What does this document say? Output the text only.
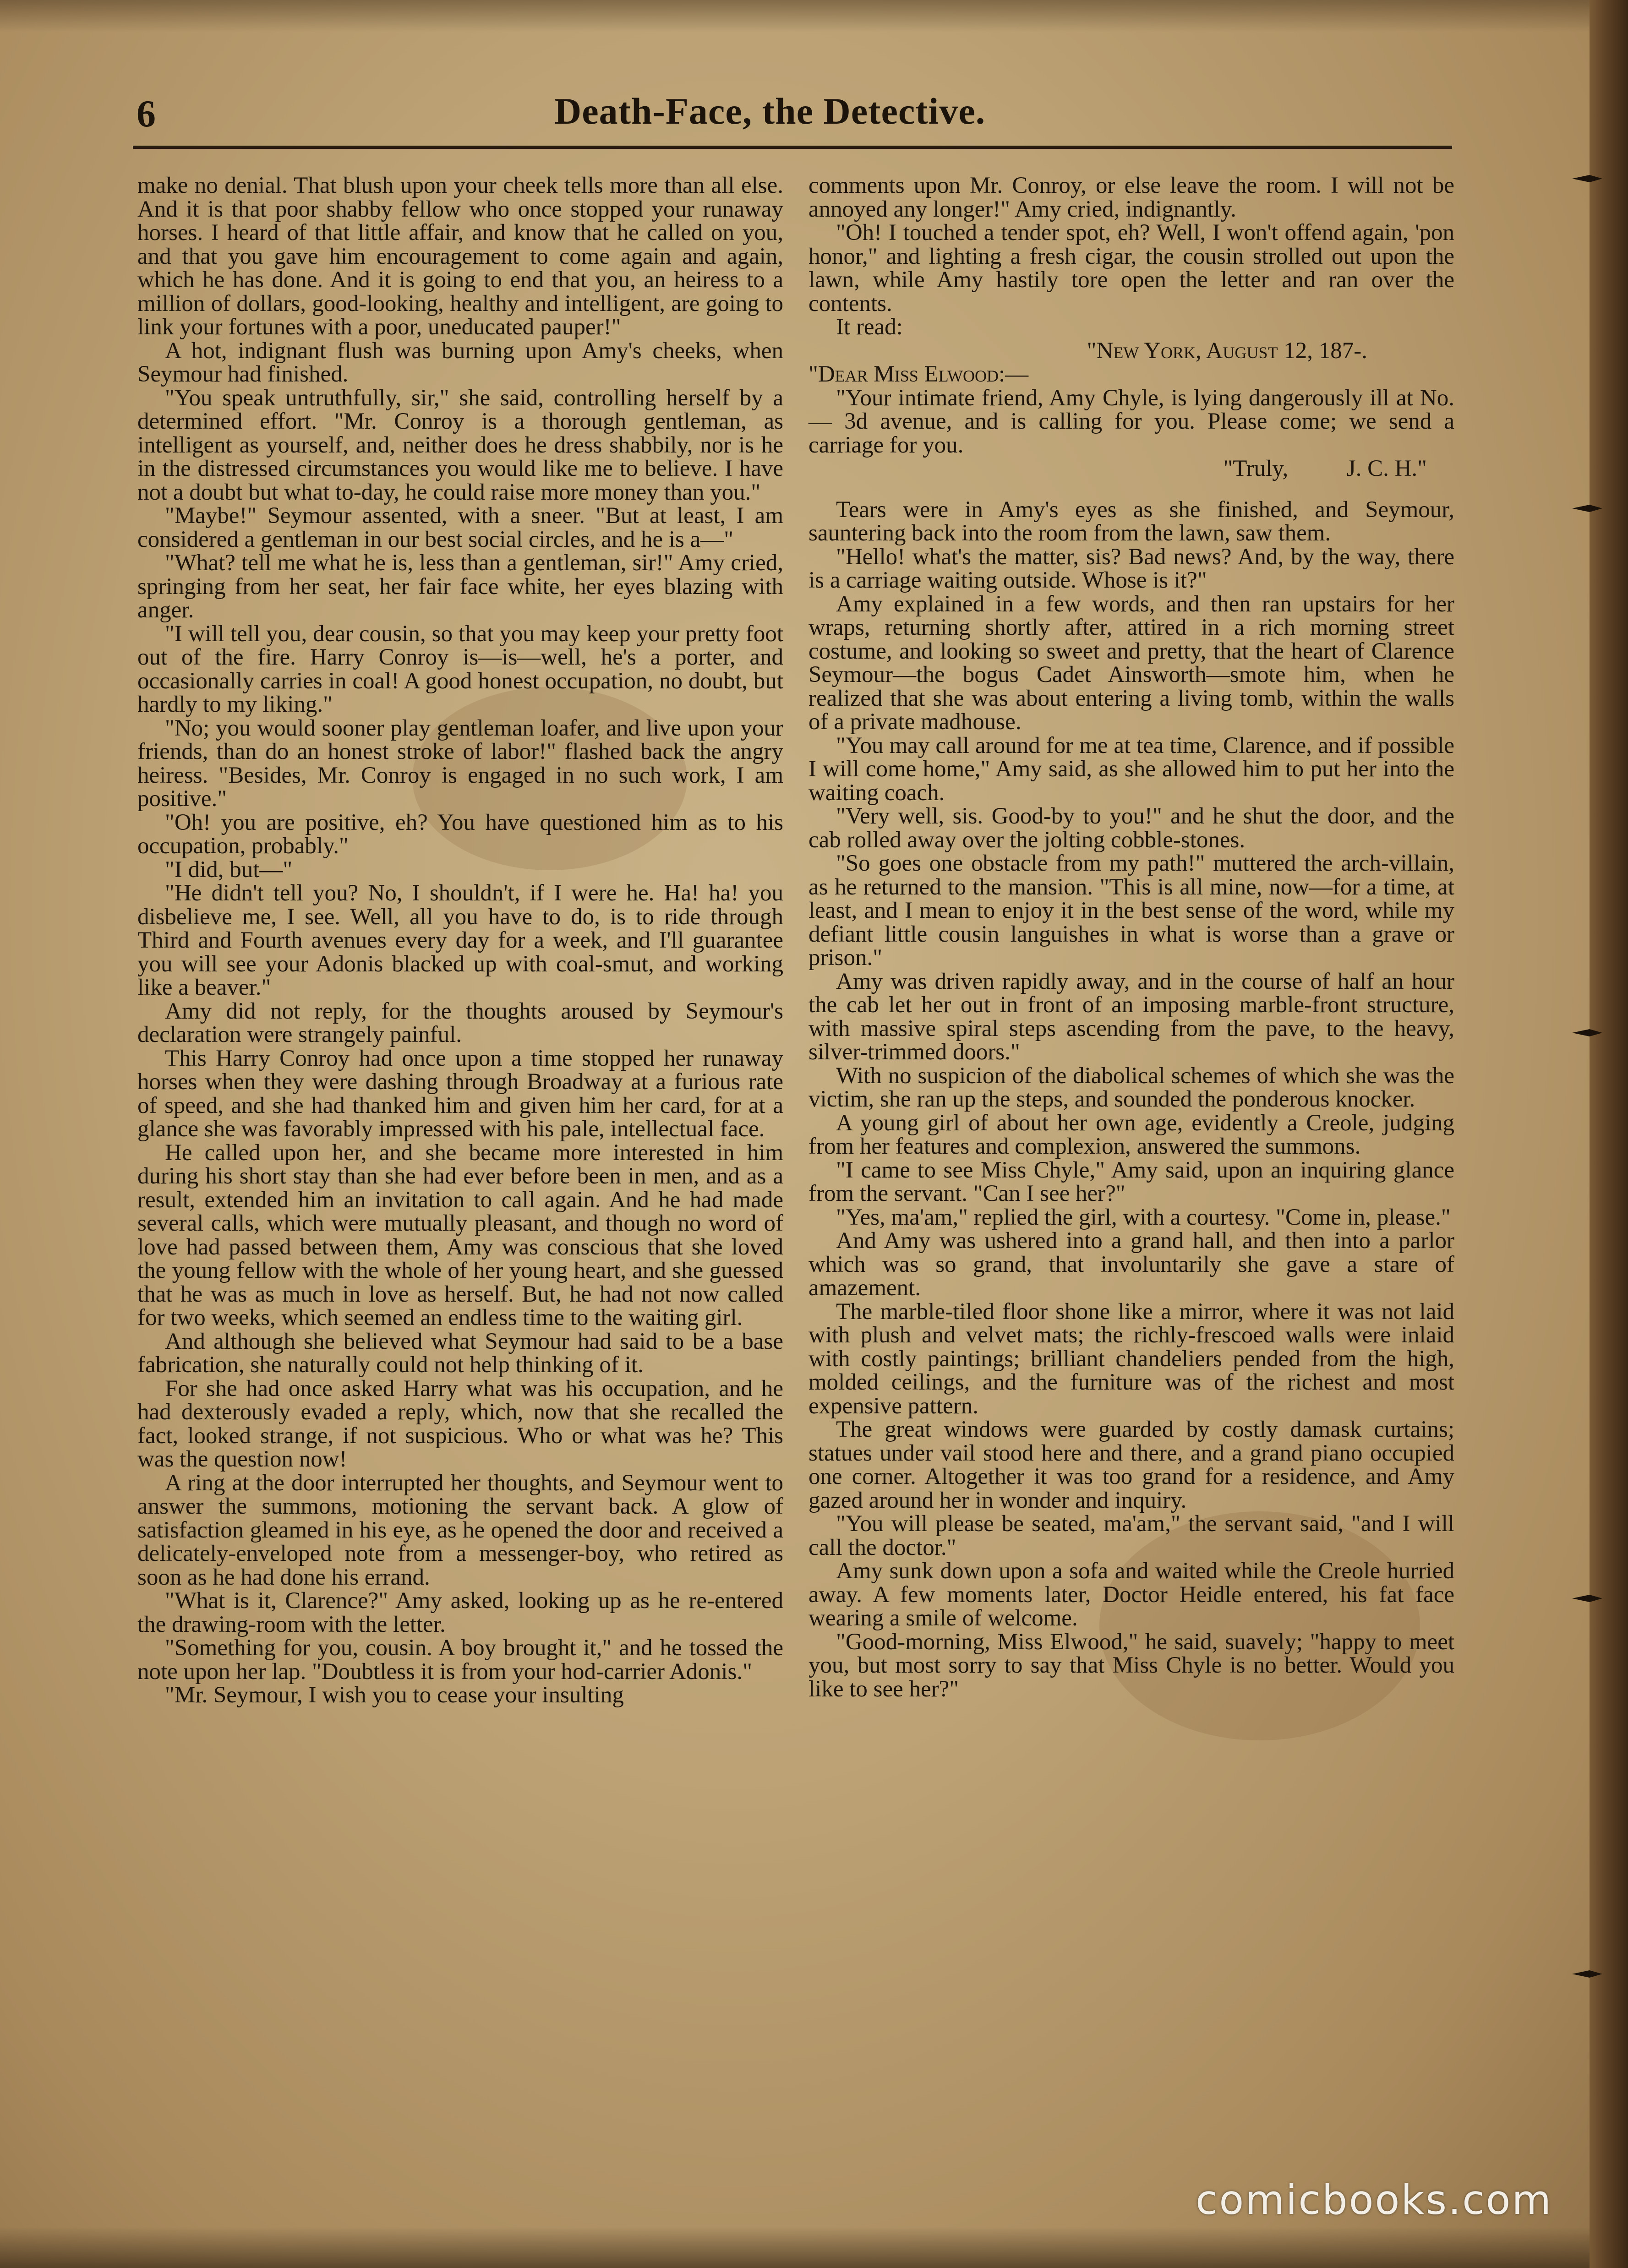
6	Death-Face, the Detective.

make no denial. That blush upon your cheek tells more than all else. And it is that poor shabby fellow who once stopped your runaway horses. I heard of that little affair, and know that he called on you, and that you gave him encouragement to come again and again, which he has done. And it is going to end that you, an heiress to a million of dollars, good-looking, healthy and intelligent, are going to link your fortunes with a poor, uneducated pauper!"

A hot, indignant flush was burning upon Amy's cheeks, when Seymour had finished.

"You speak untruthfully, sir," she said, controlling herself by a determined effort. "Mr. Conroy is a thorough gentleman, as intelligent as yourself, and, neither does he dress shabbily, nor is he in the distressed circumstances you would like me to believe. I have not a doubt but what to-day, he could raise more money than you."

"Maybe!" Seymour assented, with a sneer. "But at least, I am considered a gentleman in our best social circles, and he is a—"

"What? tell me what he is, less than a gentleman, sir!" Amy cried, springing from her seat, her fair face white, her eyes blazing with anger.

"I will tell you, dear cousin, so that you may keep your pretty foot out of the fire. Harry Conroy is—is—well, he's a porter, and occasionally carries in coal! A good honest occupation, no doubt, but hardly to my liking."

"No; you would sooner play gentleman loafer, and live upon your friends, than do an honest stroke of labor!" flashed back the angry heiress. "Besides, Mr. Conroy is engaged in no such work, I am positive."

"Oh! you are positive, eh? You have questioned him as to his occupation, probably."

"I did, but—"

"He didn't tell you? No, I shouldn't, if I were he. Ha! ha! you disbelieve me, I see. Well, all you have to do, is to ride through Third and Fourth avenues every day for a week, and I'll guarantee you will see your Adonis blacked up with coal-smut, and working like a beaver."

Amy did not reply, for the thoughts aroused by Seymour's declaration were strangely painful.

This Harry Conroy had once upon a time stopped her runaway horses when they were dashing through Broadway at a furious rate of speed, and she had thanked him and given him her card, for at a glance she was favorably impressed with his pale, intellectual face.

He called upon her, and she became more interested in him during his short stay than she had ever before been in men, and as a result, extended him an invitation to call again. And he had made several calls, which were mutually pleasant, and though no word of love had passed between them, Amy was conscious that she loved the young fellow with the whole of her young heart, and she guessed that he was as much in love as herself. But, he had not now called for two weeks, which seemed an endless time to the waiting girl.

And although she believed what Seymour had said to be a base fabrication, she naturally could not help thinking of it.

For she had once asked Harry what was his occupation, and he had dexterously evaded a reply, which, now that she recalled the fact, looked strange, if not suspicious. Who or what was he? This was the question now!

A ring at the door interrupted her thoughts, and Seymour went to answer the summons, motioning the servant back. A glow of satisfaction gleamed in his eye, as he opened the door and received a delicately-enveloped note from a messenger-boy, who retired as soon as he had done his errand.

"What is it, Clarence?" Amy asked, looking up as he re-entered the drawing-room with the letter.

"Something for you, cousin. A boy brought it," and he tossed the note upon her lap. "Doubtless it is from your hod-carrier Adonis."

"Mr. Seymour, I wish you to cease your insulting

comments upon Mr. Conroy, or else leave the room. I will not be annoyed any longer!" Amy cried, indignantly.

"Oh! I touched a tender spot, eh? Well, I won't offend again, 'pon honor," and lighting a fresh cigar, the cousin strolled out upon the lawn, while Amy hastily tore open the letter and ran over the contents.

It read:

"New York, August 12, 187-.

"Dear Miss Elwood:—

"Your intimate friend, Amy Chyle, is lying dangerously ill at No. — 3d avenue, and is calling for you. Please come; we send a carriage for you.

"Truly,          J. C. H."

Tears were in Amy's eyes as she finished, and Seymour, sauntering back into the room from the lawn, saw them.

"Hello! what's the matter, sis? Bad news? And, by the way, there is a carriage waiting outside. Whose is it?"

Amy explained in a few words, and then ran upstairs for her wraps, returning shortly after, attired in a rich morning street costume, and looking so sweet and pretty, that the heart of Clarence Seymour—the bogus Cadet Ainsworth—smote him, when he realized that she was about entering a living tomb, within the walls of a private madhouse.

"You may call around for me at tea time, Clarence, and if possible I will come home," Amy said, as she allowed him to put her into the waiting coach.

"Very well, sis. Good-by to you!" and he shut the door, and the cab rolled away over the jolting cobble-stones.

"So goes one obstacle from my path!" muttered the arch-villain, as he returned to the mansion. "This is all mine, now—for a time, at least, and I mean to enjoy it in the best sense of the word, while my defiant little cousin languishes in what is worse than a grave or prison."

Amy was driven rapidly away, and in the course of half an hour the cab let her out in front of an imposing marble-front structure, with massive spiral steps ascending from the pave, to the heavy, silver-trimmed doors."

With no suspicion of the diabolical schemes of which she was the victim, she ran up the steps, and sounded the ponderous knocker.

A young girl of about her own age, evidently a Creole, judging from her features and complexion, answered the summons.

"I came to see Miss Chyle," Amy said, upon an inquiring glance from the servant. "Can I see her?"

"Yes, ma'am," replied the girl, with a courtesy. "Come in, please."

And Amy was ushered into a grand hall, and then into a parlor which was so grand, that involuntarily she gave a stare of amazement.

The marble-tiled floor shone like a mirror, where it was not laid with plush and velvet mats; the richly-frescoed walls were inlaid with costly paintings; brilliant chandeliers pended from the high, molded ceilings, and the furniture was of the richest and most expensive pattern.

The great windows were guarded by costly damask curtains; statues under vail stood here and there, and a grand piano occupied one corner. Altogether it was too grand for a residence, and Amy gazed around her in wonder and inquiry.

"You will please be seated, ma'am," the servant said, "and I will call the doctor."

Amy sunk down upon a sofa and waited while the Creole hurried away. A few moments later, Doctor Heidle entered, his fat face wearing a smile of welcome.

"Good-morning, Miss Elwood," he said, suavely; "happy to meet you, but most sorry to say that Miss Chyle is no better. Would you like to see her?"

comicbooks.com
